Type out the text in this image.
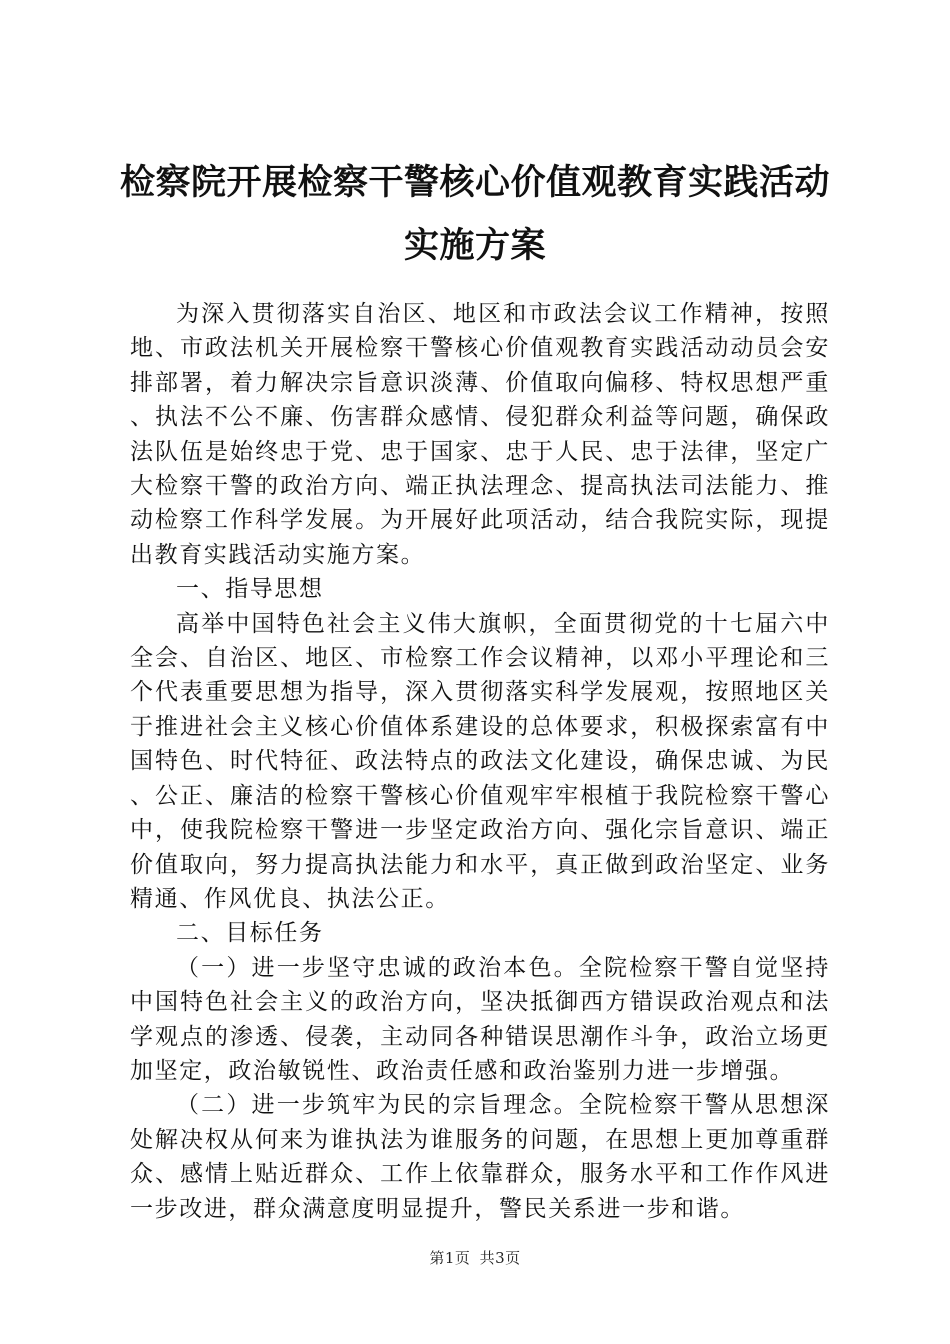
检察院开展检察干警核心价值观教育实践活动
实施方案

为深入贯彻落实自治区、地区和市政法会议工作精神，按照地、市政法机关开展检察干警核心价值观教育实践活动动员会安排部署，着力解决宗旨意识淡薄、价值取向偏移、特权思想严重、执法不公不廉、伤害群众感情、侵犯群众利益等问题，确保政法队伍是始终忠于党、忠于国家、忠于人民、忠于法律，坚定广大检察干警的政治方向、端正执法理念、提高执法司法能力、推动检察工作科学发展。为开展好此项活动，结合我院实际，现提出教育实践活动实施方案。

一、指导思想

高举中国特色社会主义伟大旗帜，全面贯彻党的十七届六中全会、自治区、地区、市检察工作会议精神，以邓小平理论和三个代表重要思想为指导，深入贯彻落实科学发展观，按照地区关于推进社会主义核心价值体系建设的总体要求，积极探索富有中国特色、时代特征、政法特点的政法文化建设，确保忠诚、为民、公正、廉洁的检察干警核心价值观牢牢根植于我院检察干警心中，使我院检察干警进一步坚定政治方向、强化宗旨意识、端正价值取向，努力提高执法能力和水平，真正做到政治坚定、业务精通、作风优良、执法公正。

二、目标任务

（一）进一步坚守忠诚的政治本色。全院检察干警自觉坚持中国特色社会主义的政治方向，坚决抵御西方错误政治观点和法学观点的渗透、侵袭，主动同各种错误思潮作斗争，政治立场更加坚定，政治敏锐性、政治责任感和政治鉴别力进一步增强。

（二）进一步筑牢为民的宗旨理念。全院检察干警从思想深处解决权从何来为谁执法为谁服务的问题，在思想上更加尊重群众、感情上贴近群众、工作上依靠群众，服务水平和工作作风进一步改进，群众满意度明显提升，警民关系进一步和谐。

第1页 共3页
